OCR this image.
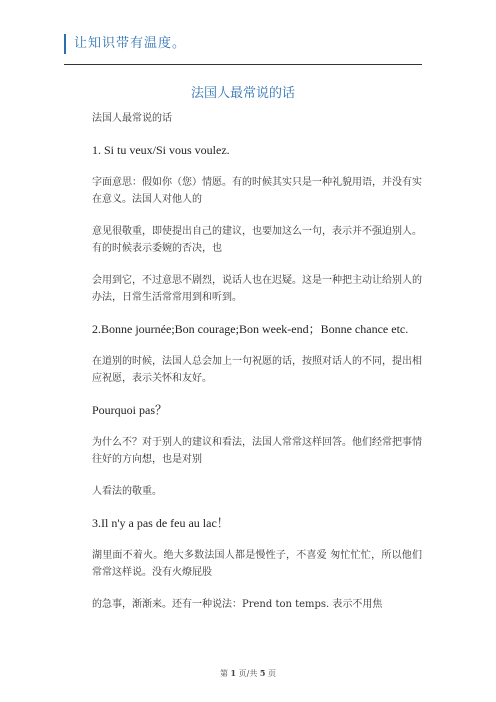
让知识带有温度。
法国人最常说的话

法国人最常说的话

1. Si tu veux/Si vous voulez.

字面意思：假如你（您）情愿。有的时候其实只是一种礼貌用语，并没有实在意义。法国人对他人的

意见很敬重，即使提出自己的建议，也要加这么一句，表示并不强迫别人。有的时候表示委婉的否决，也

会用到它，不过意思不剧烈，说话人也在迟疑。这是一种把主动让给别人的办法，日常生活常常用到和听到。

2.Bonne journée;Bon courage;Bon week-end；Bonne chance etc.

在道别的时候，法国人总会加上一句祝愿的话，按照对话人的不同，提出相应祝愿，表示关怀和友好。

Pourquoi pas？

为什么不？对于别人的建议和看法，法国人常常这样回答。他们经常把事情往好的方向想，也是对别

人看法的敬重。

3.Il n'y a pas de feu au lac！

湖里面不着火。绝大多数法国人都是慢性子，不喜爱 匆忙忙忙，所以他们常常这样说。没有火燎屁股

的急事，渐渐来。还有一种说法：Prend ton temps. 表示不用焦

第 1 页/共 5 页
